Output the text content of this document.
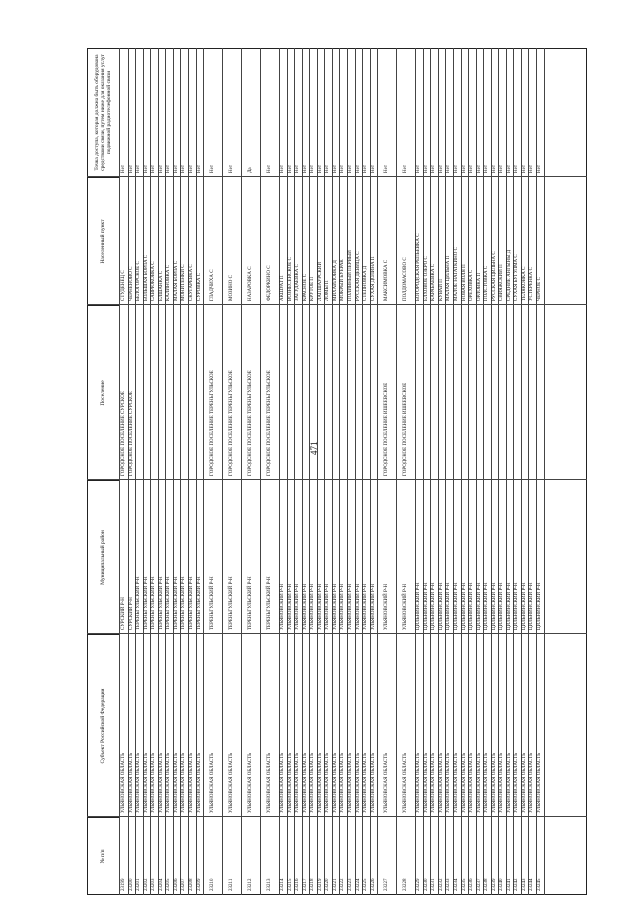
471
№ п/п
Субъект Российской Федерации
Муниципальный район
Поселение
Населенный пункт
Точка доступа, которая должна быть оборудована средствами связи, путем ниже для оказания услуг подвижной радиотелефонной связи
23199
УЛЬЯНОВСКАЯ ОБЛАСТЬ
СУРСКИЙ Р-Н
ГОРОДСКОЕ ПОСЕЛЕНИЕ СУРСКОЕ
СТУДЕНЕЦ С
Нет
23200
УЛЬЯНОВСКАЯ ОБЛАСТЬ
СУРСКИЙ Р-Н
ГОРОДСКОЕ ПОСЕЛЕНИЕ СУРСКОЕ
ЧЕРНЕНОВО С
Нет
23201
УЛЬЯНОВСКАЯ ОБЛАСТЬ
ТЕРЕНЬГУЛЬСКИЙ Р-Н
БЕЛОГОРСКОЕ С
Нет
23202
УЛЬЯНОВСКАЯ ОБЛАСТЬ
ТЕРЕНЬГУЛЬСКИЙ Р-Н
БОЛЬШАЯ БОРЛА С
Нет
23203
УЛЬЯНОВСКАЯ ОБЛАСТЬ
ТЕРЕНЬГУЛЬСКИЙ Р-Н
САВРЮКОВКА С
Нет
23204
УЛЬЯНОВСКАЯ ОБЛАСТЬ
ТЕРЕНЬГУЛЬСКИЙ Р-Н
ЕЛШАНКА С
Нет
23205
УЛЬЯНОВСКАЯ ОБЛАСТЬ
ТЕРЕНЬГУЛЬСКИЙ Р-Н
КАЛИНОВКА С
Нет
23206
УЛЬЯНОВСКАЯ ОБЛАСТЬ
ТЕРЕНЬГУЛЬСКИЙ Р-Н
МАЛАЯ БОРЛА С
Нет
23207
УЛЬЯНОВСКАЯ ОБЛАСТЬ
ТЕРЕНЬГУЛЬСКИЙ Р-Н
МОНИТЕНКИ С
Нет
23208
УЛЬЯНОВСКАЯ ОБЛАСТЬ
ТЕРЕНЬГУЛЬСКИЙ Р-Н
СКУГАРЕВКА С
Нет
23209
УЛЬЯНОВСКАЯ ОБЛАСТЬ
ТЕРЕНЬГУЛЬСКИЙ Р-Н
СУРОВКА С
Нет
23210
УЛЬЯНОВСКАЯ ОБЛАСТЬ
ТЕРЕНЬГУЛЬСКИЙ Р-Н
ГОРОДСКОЕ ПОСЕЛЕНИЕ ТЕРЕНЬГУЛЬСКОЕ
ГЛАДЧИХА С
Нет
23211
УЛЬЯНОВСКАЯ ОБЛАСТЬ
ТЕРЕНЬГУЛЬСКИЙ Р-Н
ГОРОДСКОЕ ПОСЕЛЕНИЕ ТЕРЕНЬГУЛЬСКОЕ
МОЗИНО С
Нет
23212
УЛЬЯНОВСКАЯ ОБЛАСТЬ
ТЕРЕНЬГУЛЬСКИЙ Р-Н
ГОРОДСКОЕ ПОСЕЛЕНИЕ ТЕРЕНЬГУЛЬСКОЕ
НАЗАРОВКА С
Да
23213
УЛЬЯНОВСКАЯ ОБЛАСТЬ
ТЕРЕНЬГУЛЬСКИЙ Р-Н
ГОРОДСКОЕ ПОСЕЛЕНИЕ ТЕРЕНЬГУЛЬСКОЕ
ФЕДОРКИНО С
Нет
23214
УЛЬЯНОВСКАЯ ОБЛАСТЬ
УЛЬЯНОВСКИЙ Р-Н
АКШУАТ П
Нет
23215
УЛЬЯНОВСКАЯ ОБЛАСТЬ
УЛЬЯНОВСКИЙ Р-Н
ВОЗНЕСЕНСКОЕ С
Нет
23216
УЛЬЯНОВСКАЯ ОБЛАСТЬ
УЛЬЯНОВСКИЙ Р-Н
ЗАГУДАЕВКА С
Нет
23217
УЛЬЯНОВСКАЯ ОБЛАСТЬ
УЛЬЯНОВСКИЙ Р-Н
КРАСНОЕ С
Нет
23218
УЛЬЯНОВСКАЯ ОБЛАСТЬ
УЛЬЯНОВСКИЙ Р-Н
КРУТОЕ П
Нет
23219
УЛЬЯНОВСКАЯ ОБЛАСТЬ
УЛЬЯНОВСКИЙ Р-Н
ЛАПШАУРСКИЙ
Нет
23220
УЛЬЯНОВСКАЯ ОБЛАСТЬ
УЛЬЯНОВСКИЙ Р-Н
ЛОМЫ П
Нет
23221
УЛЬЯНОВСКАЯ ОБЛАСТЬ
УЛЬЯНОВСКИЙ Р-Н
МИХАЙЛОВКА Д
Нет
23222
УЛЬЯНОВСКАЯ ОБЛАСТЬ
УЛЬЯНОВСКИЙ Р-Н
МОКРЫЙ БУЕРАК
Нет
23223
УЛЬЯНОВСКАЯ ОБЛАСТЬ
УЛЬЯНОВСКИЙ Р-Н
ПОЛИВНЫЙ ПЕРВЫЙ
Нет
23224
УЛЬЯНОВСКАЯ ОБЛАСТЬ
УЛЬЯНОВСКИЙ Р-Н
РУССКАЯ ДЕВИЦА С
Нет
23225
УЛЬЯНОВСКАЯ ОБЛАСТЬ
УЛЬЯНОВСКИЙ Р-Н
СТЕПНОВКА Д
Нет
23226
УЛЬЯНОВСКАЯ ОБЛАСТЬ
УЛЬЯНОВСКИЙ Р-Н
СУХАЯ ДОЛИНА П
Нет
23227
УЛЬЯНОВСКАЯ ОБЛАСТЬ
УЛЬЯНОВСКИЙ Р-Н
ГОРОДСКОЕ ПОСЕЛЕНИЕ ИШЕЕВСКОЕ
МАКСИМОВКА С
Нет
23228
УЛЬЯНОВСКАЯ ОБЛАСТЬ
УЛЬЯНОВСКИЙ Р-Н
ГОРОДСКОЕ ПОСЕЛЕНИЕ ИШЕЕВСКОЕ
ПОЛДОМАСОВО С
Нет
23229
УЛЬЯНОВСКАЯ ОБЛАСТЬ
ЦИЛЬНИНСКИЙ Р-Н
БОГОРОДСКАЯ РЕПЬЕВКА С
Нет
23230
УЛЬЯНОВСКАЯ ОБЛАСТЬ
ЦИЛЬНИНСКИЙ Р-Н
ЕЛХОВОЕ ОЗЕРО С
Нет
23231
УЛЬЯНОВСКАЯ ОБЛАСТЬ
ЦИЛЬНИНСКИЙ Р-Н
КАРАБАЕВКА С
Нет
23232
УЛЬЯНОВСКАЯ ОБЛАСТЬ
ЦИЛЬНИНСКИЙ Р-Н
КУВАЙ П
Нет
23233
УЛЬЯНОВСКАЯ ОБЛАСТЬ
ЦИЛЬНИНСКИЙ Р-Н
МАЛАЯ ЦИЛЬНА П
Нет
23234
УЛЬЯНОВСКАЯ ОБЛАСТЬ
ЦИЛЬНИНСКИЙ Р-Н
МАЛОЕ НАГАТКИНО С
Нет
23235
УЛЬЯНОВСКАЯ ОБЛАСТЬ
ЦИЛЬНИНСКИЙ Р-Н
НОВАЯ ВОЛЯ П
Нет
23236
УЛЬЯНОВСКАЯ ОБЛАСТЬ
ЦИЛЬНИНСКИЙ Р-Н
ОРЕХОВКА С
Нет
23237
УЛЬЯНОВСКАЯ ОБЛАСТЬ
ЦИЛЬНИНСКИЙ Р-Н
ОРЛОВКА П
Нет
23238
УЛЬЯНОВСКАЯ ОБЛАСТЬ
ЦИЛЬНИНСКИЙ Р-Н
ПОЛСТОВКА С
Нет
23239
УЛЬЯНОВСКАЯ ОБЛАСТЬ
ЦИЛЬНИНСКИЙ Р-Н
РУССКАЯ ЦИЛЬНА С
Нет
23240
УЛЬЯНОВСКАЯ ОБЛАСТЬ
ЦИЛЬНИНСКИЙ Р-Н
СВИЯЖСКИЙ П
Нет
23241
УЛЬЯНОВСКАЯ ОБЛАСТЬ
ЦИЛЬНИНСКИЙ Р-Н
СРЕДНИЕ АНГЫНЫ Д
Нет
23242
УЛЬЯНОВСКАЯ ОБЛАСТЬ
ЦИЛЬНИНСКИЙ Р-Н
СУХАЯ БУГУЛМА С
Нет
23243
УЛЬЯНОВСКАЯ ОБЛАСТЬ
ЦИЛЬНИНСКИЙ Р-Н
ТЕЛЯКОВКА С
Нет
23244
УЛЬЯНОВСКАЯ ОБЛАСТЬ
ЦИЛЬНИНСКИЙ Р-Н
УСТЕРЕНКА С
Нет
23245
УЛЬЯНОВСКАЯ ОБЛАСТЬ
ЦИЛЬНИНСКИЙ Р-Н
ЧЕРНОЕ С
Нет
